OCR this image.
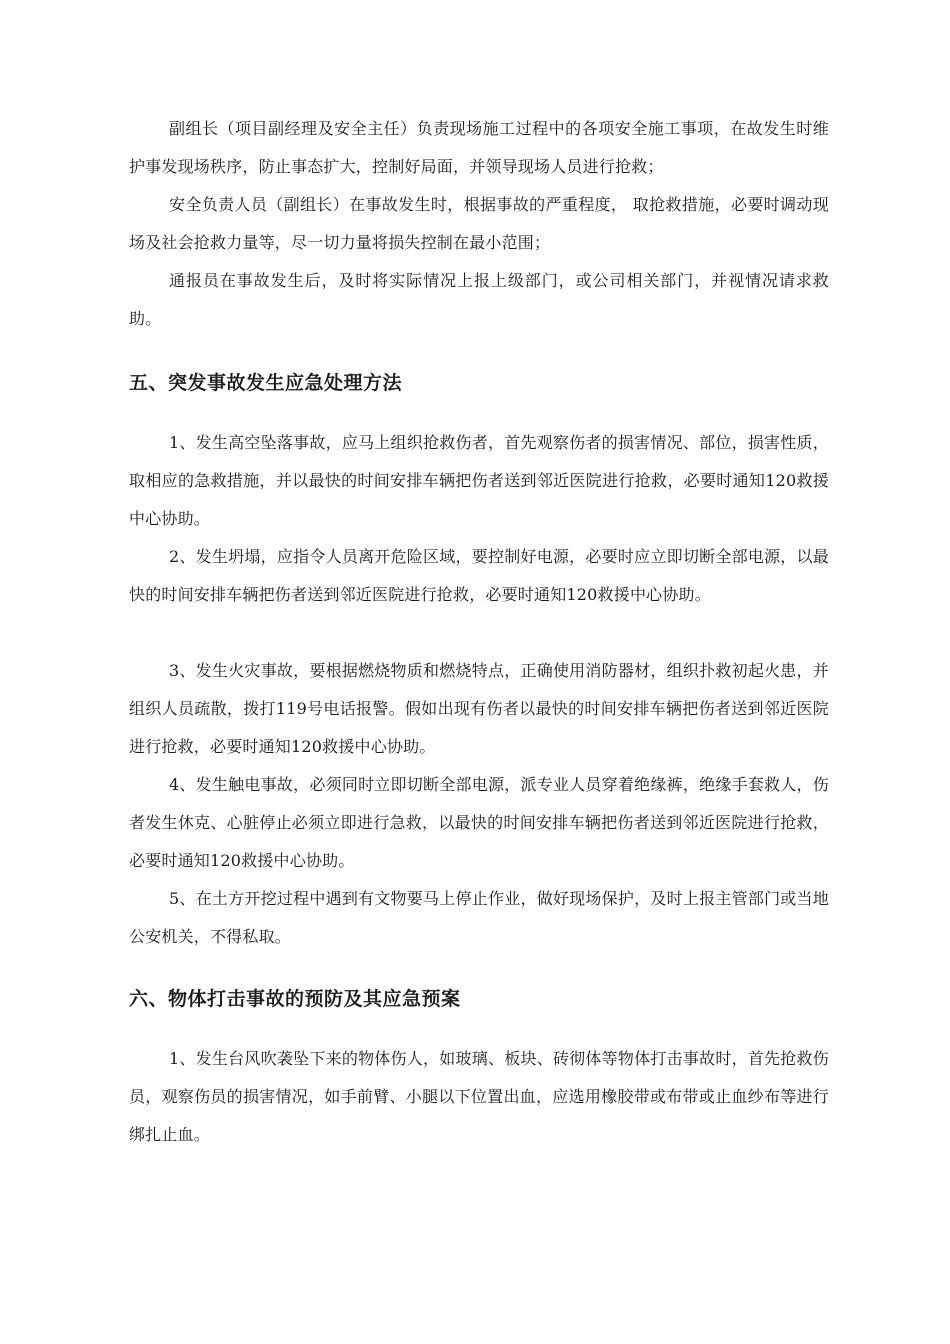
副组长（项目副经理及安全主任）负责现场施工过程中的各项安全施工事项，在故发生时维护事发现场秩序，防止事态扩大，控制好局面，并领导现场人员进行抢救；

安全负责人员（副组长）在事故发生时，根据事故的严重程度， 取抢救措施，必要时调动现场及社会抢救力量等，尽一切力量将损失控制在最小范围；

通报员在事故发生后，及时将实际情况上报上级部门，或公司相关部门，并视情况请求救助。

五、突发事故发生应急处理方法

1、发生高空坠落事故，应马上组织抢救伤者，首先观察伤者的损害情况、部位，损害性质，取相应的急救措施，并以最快的时间安排车辆把伤者送到邻近医院进行抢救，必要时通知120救援中心协助。

2、发生坍塌，应指令人员离开危险区域，要控制好电源，必要时应立即切断全部电源，以最快的时间安排车辆把伤者送到邻近医院进行抢救，必要时通知120救援中心协助。

3、发生火灾事故，要根据燃烧物质和燃烧特点，正确使用消防器材，组织扑救初起火患，并组织人员疏散，拨打119号电话报警。假如出现有伤者以最快的时间安排车辆把伤者送到邻近医院进行抢救，必要时通知120救援中心协助。

4、发生触电事故，必须同时立即切断全部电源，派专业人员穿着绝缘裤，绝缘手套救人，伤者发生休克、心脏停止必须立即进行急救，以最快的时间安排车辆把伤者送到邻近医院进行抢救，必要时通知120救援中心协助。

5、在土方开挖过程中遇到有文物要马上停止作业，做好现场保护，及时上报主管部门或当地公安机关，不得私取。

六、物体打击事故的预防及其应急预案

1、发生台风吹袭坠下来的物体伤人，如玻璃、板块、砖彻体等物体打击事故时，首先抢救伤员，观察伤员的损害情况，如手前臂、小腿以下位置出血，应选用橡胶带或布带或止血纱布等进行绑扎止血。
